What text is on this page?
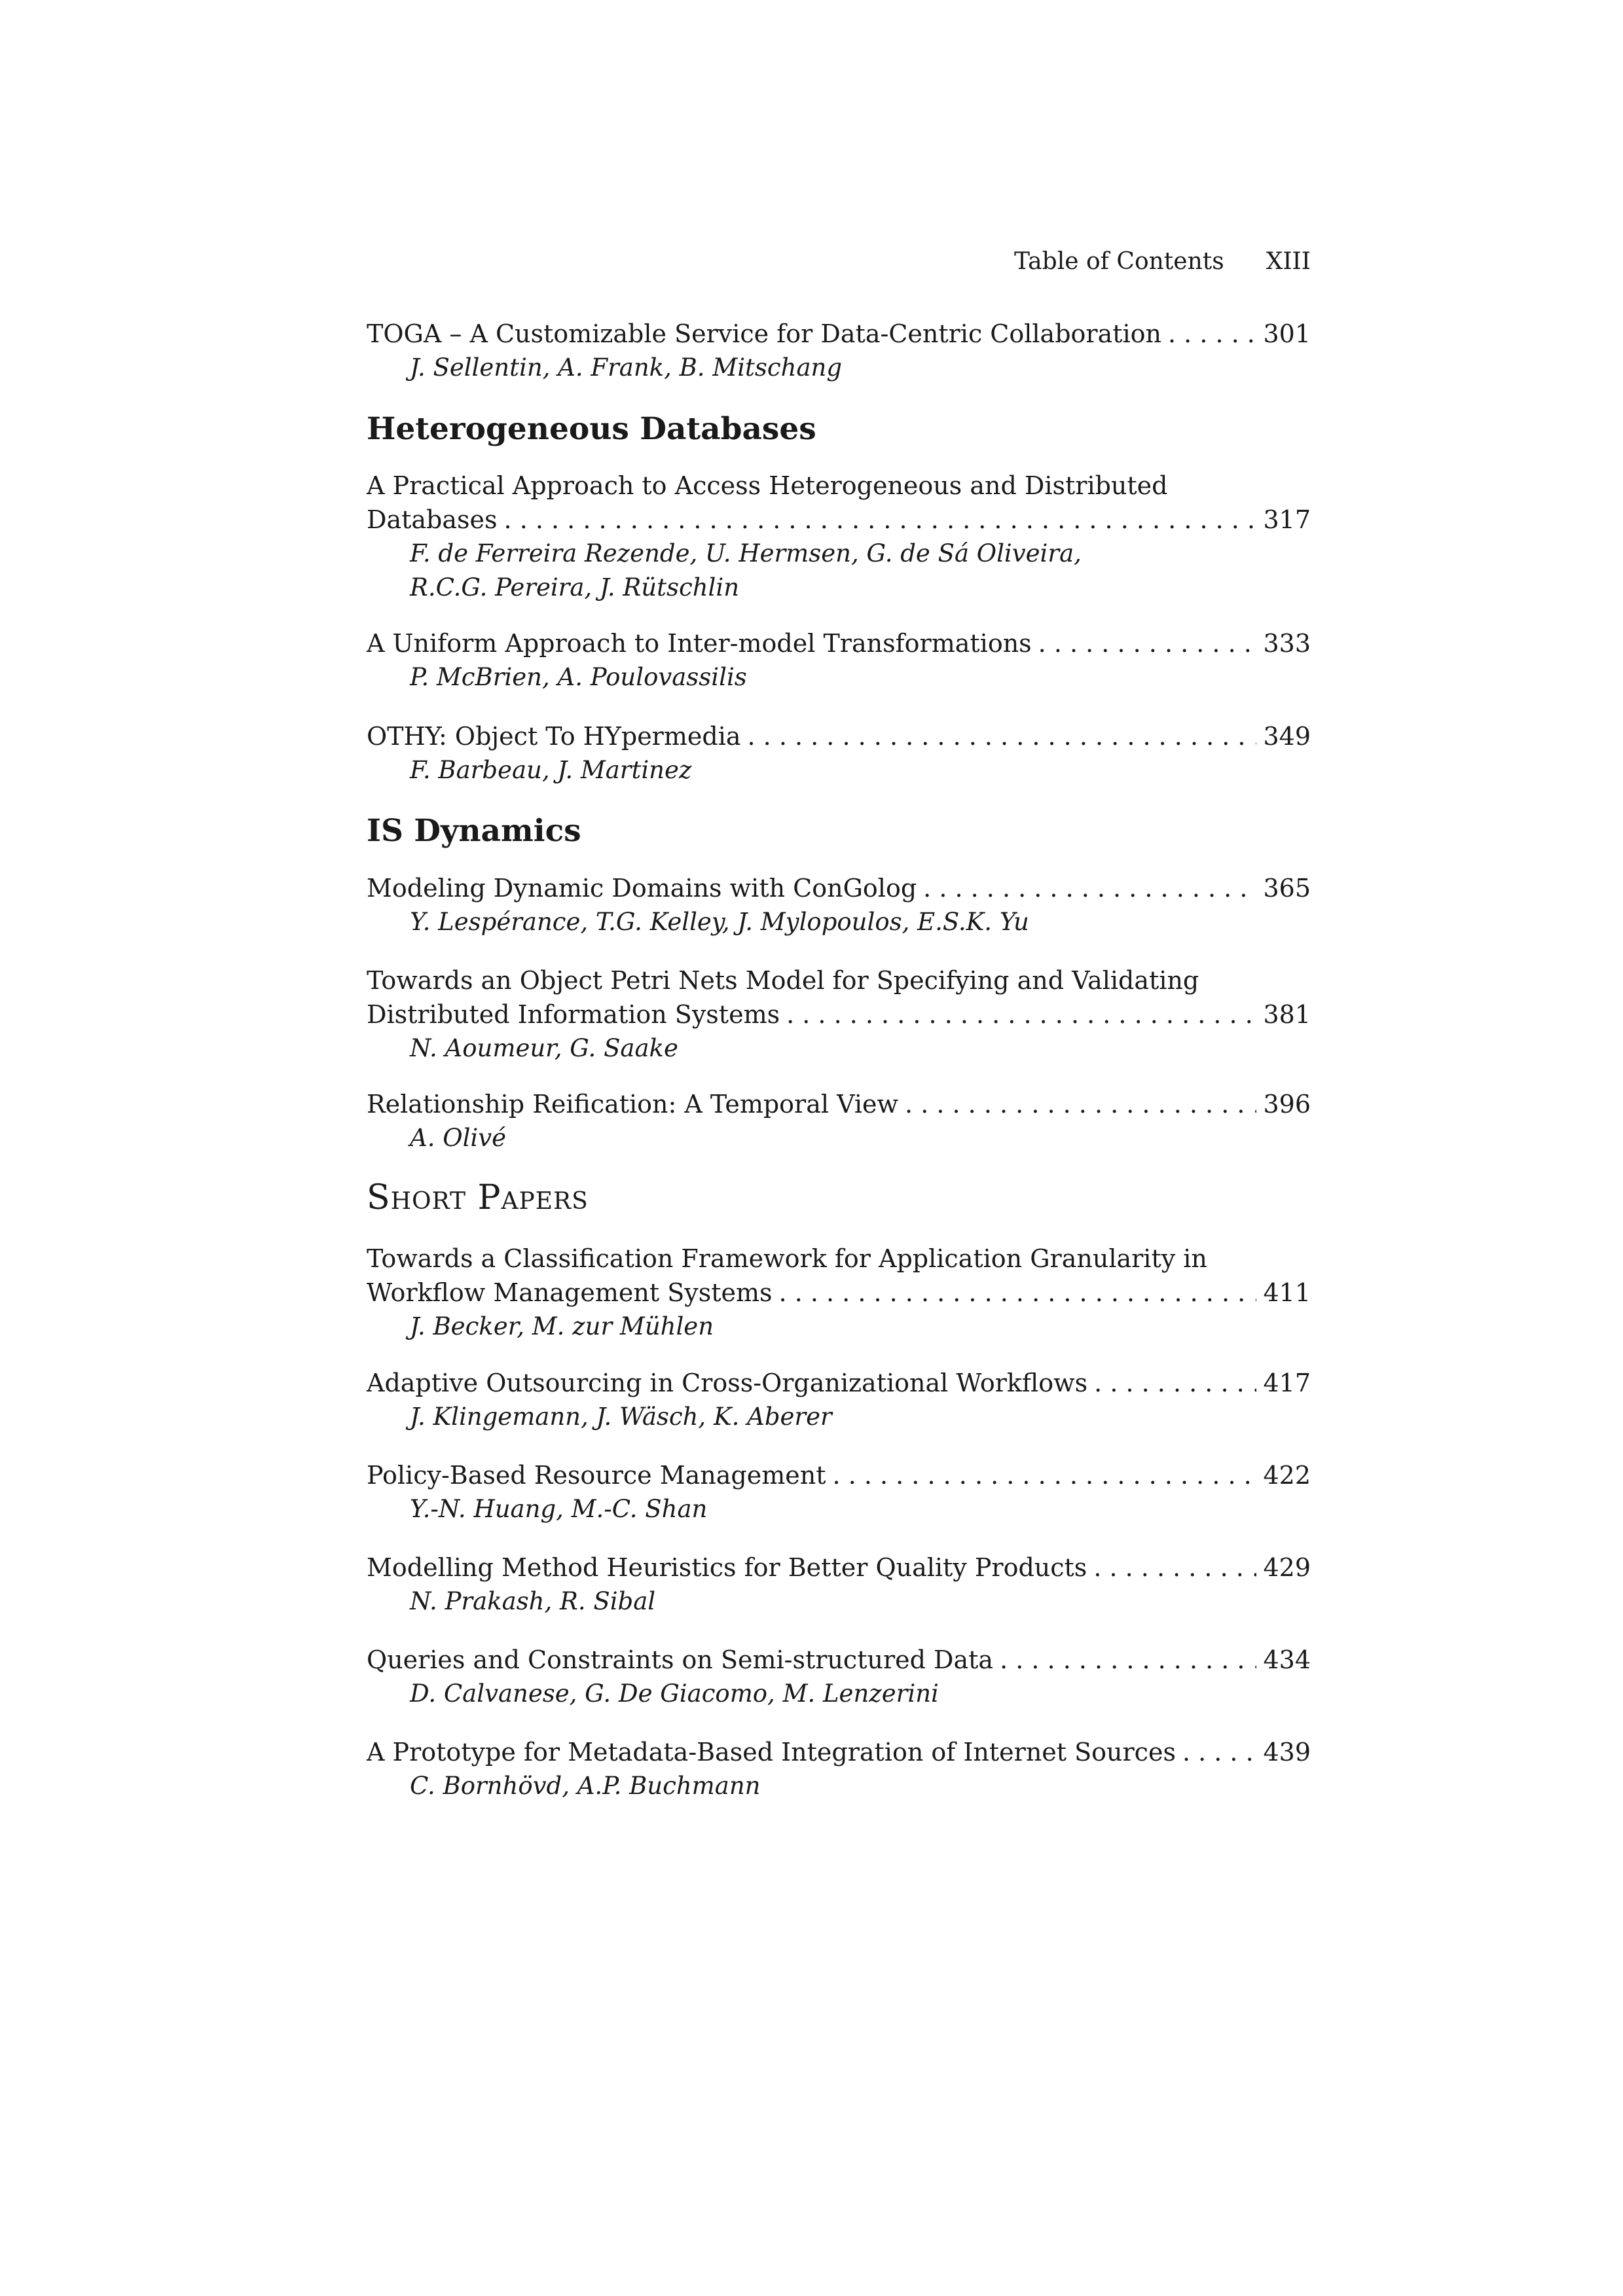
Table of Contents XIII
TOGA – A Customizable Service for Data-Centric Collaboration . . .	301
J. Sellentin, A. Frank, B. Mitschang
Heterogeneous Databases
A Practical Approach to Access Heterogeneous and Distributed
Databases . . .	317
F. de Ferreira Rezende, U. Hermsen, G. de Sá Oliveira,
R.C.G. Pereira, J. Rütschlin
A Uniform Approach to Inter-model Transformations . . .	333
P. McBrien, A. Poulovassilis
OTHY: Object To HYpermedia . . .	349
F. Barbeau, J. Martinez
IS Dynamics
Modeling Dynamic Domains with ConGolog . . .	365
Y. Lespérance, T.G. Kelley, J. Mylopoulos, E.S.K. Yu
Towards an Object Petri Nets Model for Specifying and Validating
Distributed Information Systems . . .	381
N. Aoumeur, G. Saake
Relationship Reification: A Temporal View . . .	396
A. Olivé
Short Papers
Towards a Classification Framework for Application Granularity in
Workflow Management Systems . . .	411
J. Becker, M. zur Mühlen
Adaptive Outsourcing in Cross-Organizational Workflows . . .	417
J. Klingemann, J. Wäsch, K. Aberer
Policy-Based Resource Management . . .	422
Y.-N. Huang, M.-C. Shan
Modelling Method Heuristics for Better Quality Products . . .	429
N. Prakash, R. Sibal
Queries and Constraints on Semi-structured Data . . .	434
D. Calvanese, G. De Giacomo, M. Lenzerini
A Prototype for Metadata-Based Integration of Internet Sources . . .	439
C. Bornhövd, A.P. Buchmann
